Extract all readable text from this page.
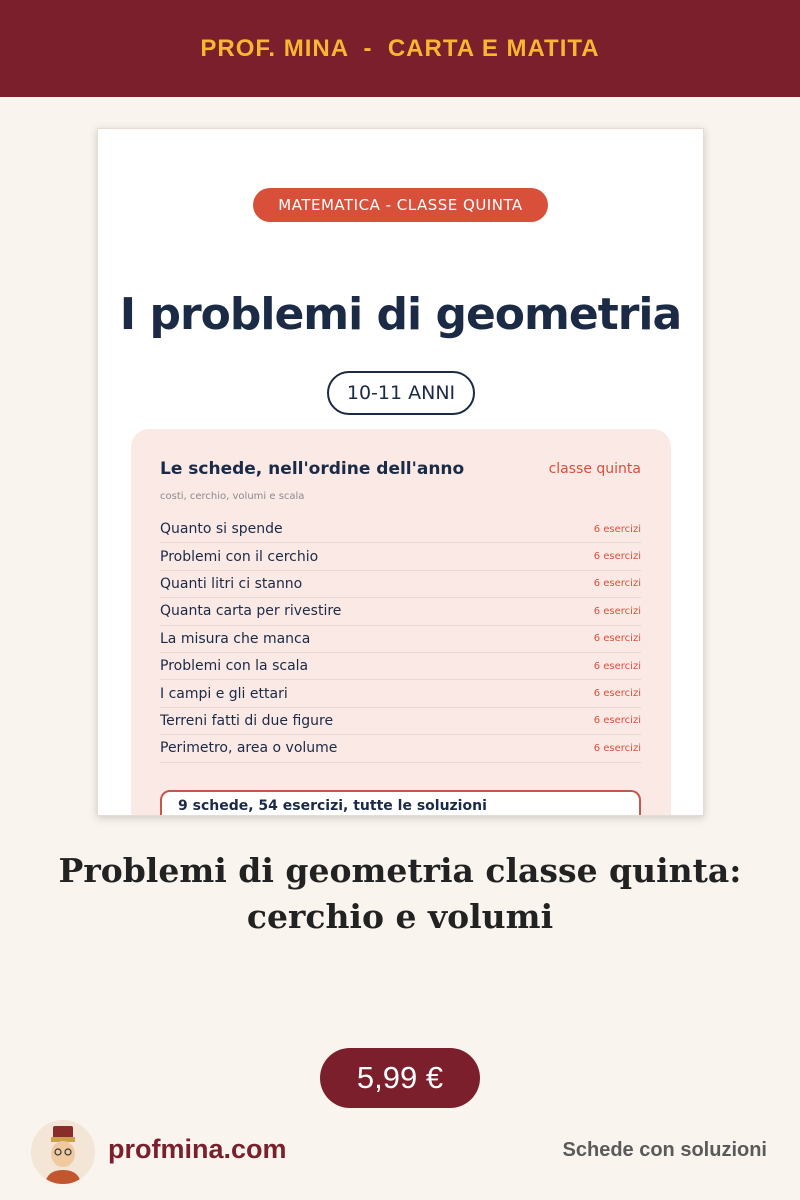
PROF. MINA  -  CARTA E MATITA
MATEMATICA - CLASSE QUINTA
I problemi di geometria
10-11 ANNI
Le schede, nell'ordine dell'anno	classe quinta
costi, cerchio, volumi e scala
Quanto si spende	6 esercizi
Problemi con il cerchio	6 esercizi
Quanti litri ci stanno	6 esercizi
Quanta carta per rivestire	6 esercizi
La misura che manca	6 esercizi
Problemi con la scala	6 esercizi
I campi e gli ettari	6 esercizi
Terreni fatti di due figure	6 esercizi
Perimetro, area o volume	6 esercizi
9 schede, 54 esercizi, tutte le soluzioni
Problemi di geometria classe quinta:
cerchio e volumi
5,99 €
profmina.com	Schede con soluzioni
